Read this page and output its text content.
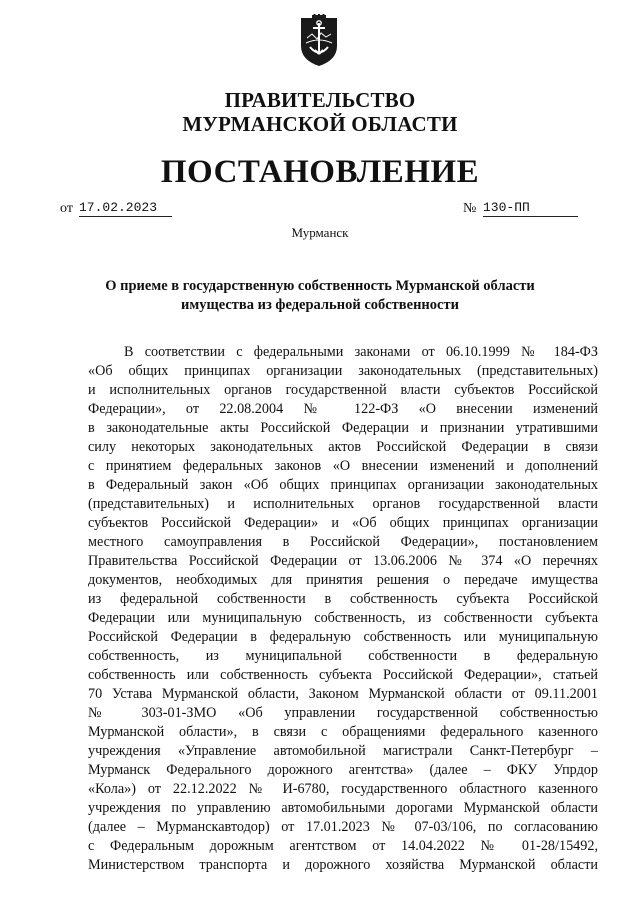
ПРАВИТЕЛЬСТВО
МУРМАНСКОЙ ОБЛАСТИ
ПОСТАНОВЛЕНИЕ
от 17.02.2023	№ 130-ПП
Мурманск
О приеме в государственную собственность Мурманской области
имущества из федеральной собственности
В соответствии с федеральными законами от 06.10.1999 № 184-ФЗ
«Об общих принципах организации законодательных (представительных)
и исполнительных органов государственной власти субъектов Российской
Федерации», от 22.08.2004 № 122-ФЗ «О внесении изменений
в законодательные акты Российской Федерации и признании утратившими
силу некоторых законодательных актов Российской Федерации в связи
с принятием федеральных законов «О внесении изменений и дополнений
в Федеральный закон «Об общих принципах организации законодательных
(представительных) и исполнительных органов государственной власти
субъектов Российской Федерации» и «Об общих принципах организации
местного самоуправления в Российской Федерации», постановлением
Правительства Российской Федерации от 13.06.2006 № 374 «О перечнях
документов, необходимых для принятия решения о передаче имущества
из федеральной собственности в собственность субъекта Российской
Федерации или муниципальную собственность, из собственности субъекта
Российской Федерации в федеральную собственность или муниципальную
собственность, из муниципальной собственности в федеральную
собственность или собственность субъекта Российской Федерации», статьей
70 Устава Мурманской области, Законом Мурманской области от 09.11.2001
№ 303-01-ЗМО «Об управлении государственной собственностью
Мурманской области», в связи с обращениями федерального казенного
учреждения «Управление автомобильной магистрали Санкт-Петербург –
Мурманск Федерального дорожного агентства» (далее – ФКУ Упрдор
«Кола») от 22.12.2022 № И-6780, государственного областного казенного
учреждения по управлению автомобильными дорогами Мурманской области
(далее – Мурманскавтодор) от 17.01.2023 № 07-03/106, по согласованию
с Федеральным дорожным агентством от 14.04.2022 № 01-28/15492,
Министерством транспорта и дорожного хозяйства Мурманской области
